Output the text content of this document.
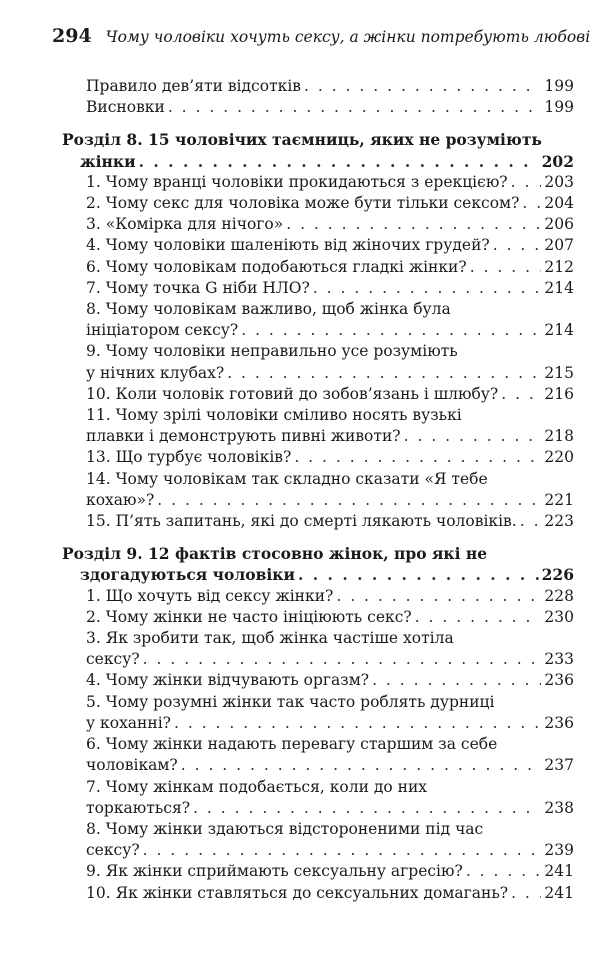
294 Чому чоловіки хочуть сексу, а жінки потребують любові
Правило дев’яти відсотків . . .	199
Висновки . . .	199
Розділ 8. 15 чоловічих таємниць, яких не розуміють
жінки . . .	202
1. Чому вранці чоловіки прокидаються з ерекцією? . . . 203
2. Чому секс для чоловіка може бути тільки сексом? . . . 204
3. «Комірка для нічого» . . .	206
4. Чому чоловіки шаленіють від жіночих грудей? . . .	207
6. Чому чоловікам подобаються гладкі жінки? . . .	212
7. Чому точка G ніби НЛО? . . .	214
8. Чому чоловікам важливо, щоб жінка була
ініціатором сексу? . . .	214
9. Чому чоловіки неправильно усе розуміють
у нічних клубах? . . .	215
10. Коли чоловік готовий до зобов’язань і шлюбу? . . .	216
11. Чому зрілі чоловіки сміливо носять вузькі
плавки і демонструють пивні животи? . . .	218
13. Що турбує чоловіків? . . .	220
14. Чому чоловікам так складно сказати «Я тебе
кохаю»? . . .	221
15. П’ять запитань, які до смерті лякають чоловіків. . . . 223
Розділ 9. 12 фактів стосовно жінок, про які не
здогадуються чоловіки . . .	226
1. Що хочуть від сексу жінки? . . .	228
2. Чому жінки не часто ініціюють секс? . . .	230
3. Як зробити так, щоб жінка частіше хотіла
сексу? . . .	233
4. Чому жінки відчувають оргазм? . . .	236
5. Чому розумні жінки так часто роблять дурниці
у коханні? . . .	236
6. Чому жінки надають перевагу старшим за себе
чоловікам? . . .	237
7. Чому жінкам подобається, коли до них
торкаються? . . .	238
8. Чому жінки здаються відстороненими під час
сексу? . . .	239
9. Як жінки сприймають сексуальну агресію? . . .	241
10. Як жінки ставляться до сексуальних домагань? . . . 241
